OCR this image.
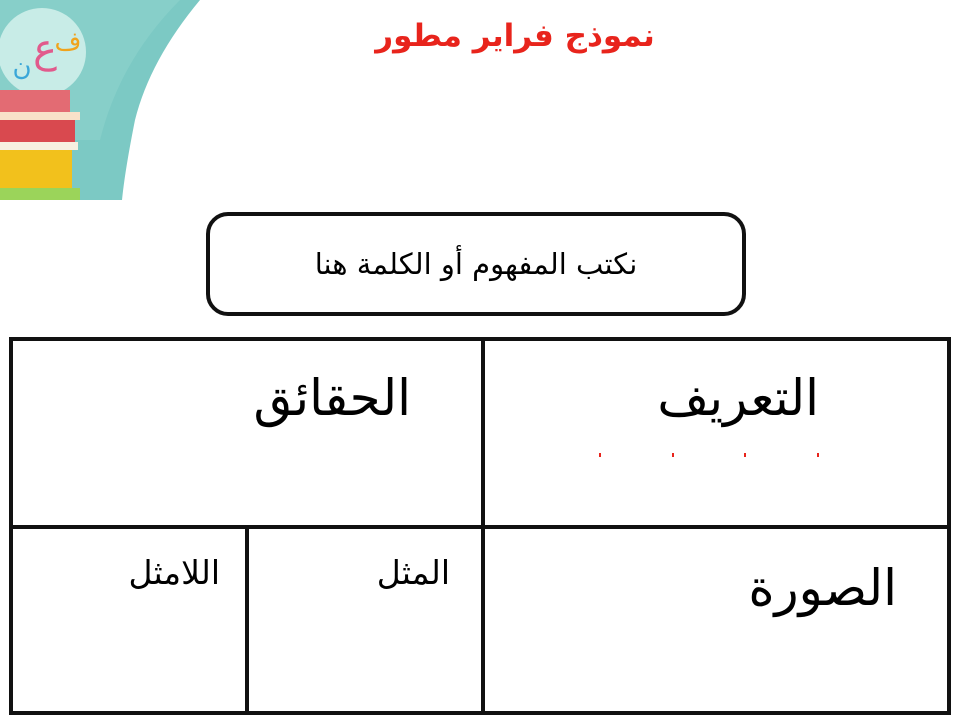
ع
ن
ف	نموذج فراير مطور
نكتب المفهوم أو الكلمة هنا
التعريف
الحقائق
الصورة
المثل
اللامثل
